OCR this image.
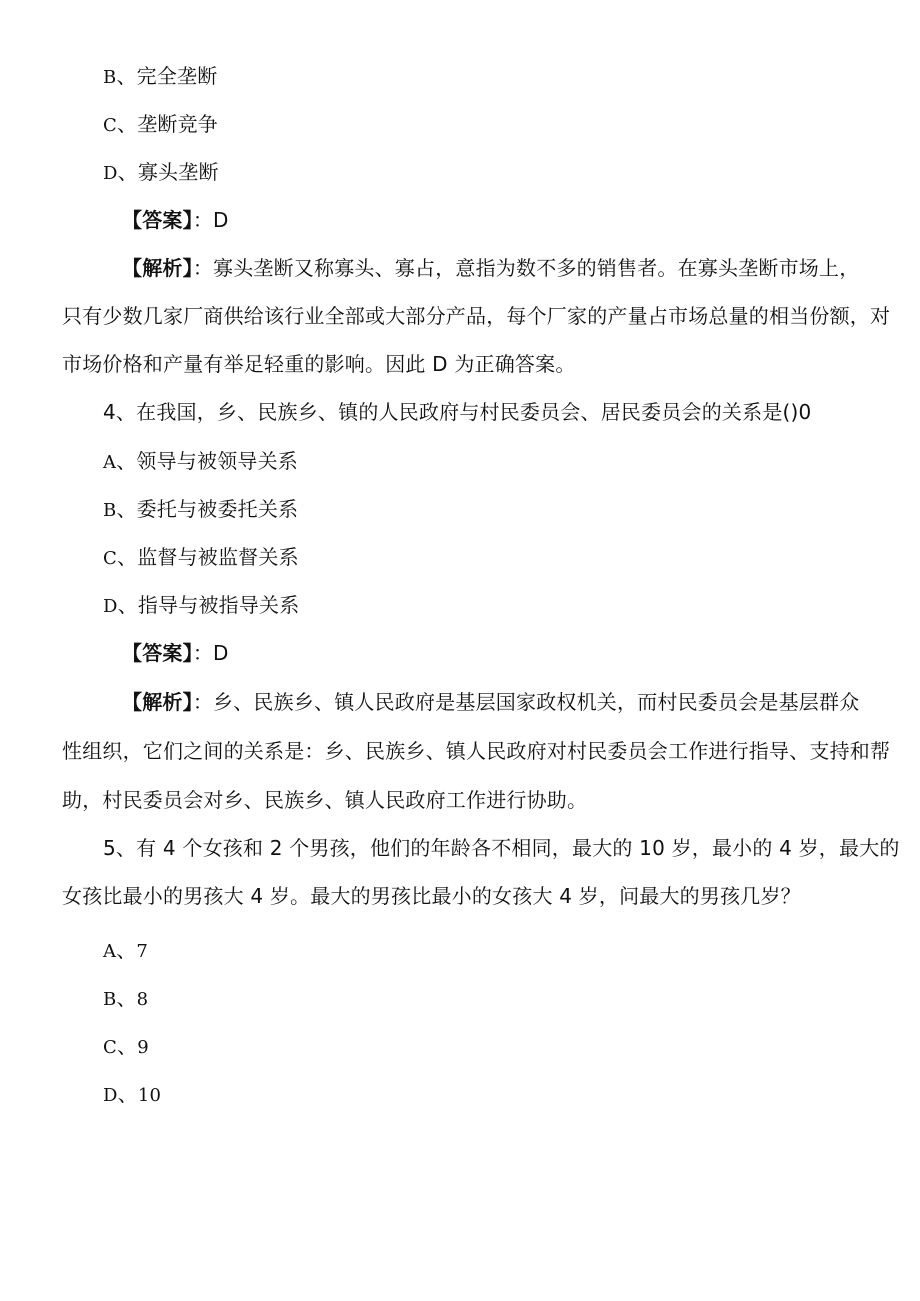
B、完全垄断
C、垄断竞争
D、寡头垄断
【答案】：D
【解析】：寡头垄断又称寡头、寡占，意指为数不多的销售者。在寡头垄断市场上，
只有少数几家厂商供给该行业全部或大部分产品，每个厂家的产量占市场总量的相当份额，对
市场价格和产量有举足轻重的影响。因此 D 为正确答案。
4、在我国，乡、民族乡、镇的人民政府与村民委员会、居民委员会的关系是()0
A、领导与被领导关系
B、委托与被委托关系
C、监督与被监督关系
D、指导与被指导关系
【答案】：D
【解析】：乡、民族乡、镇人民政府是基层国家政权机关，而村民委员会是基层群众
性组织，它们之间的关系是：乡、民族乡、镇人民政府对村民委员会工作进行指导、支持和帮
助，村民委员会对乡、民族乡、镇人民政府工作进行协助。
5、有 4 个女孩和 2 个男孩，他们的年龄各不相同，最大的 10 岁，最小的 4 岁，最大的
女孩比最小的男孩大 4 岁。最大的男孩比最小的女孩大 4 岁，问最大的男孩几岁？
A、7
B、8
C、9
D、10
